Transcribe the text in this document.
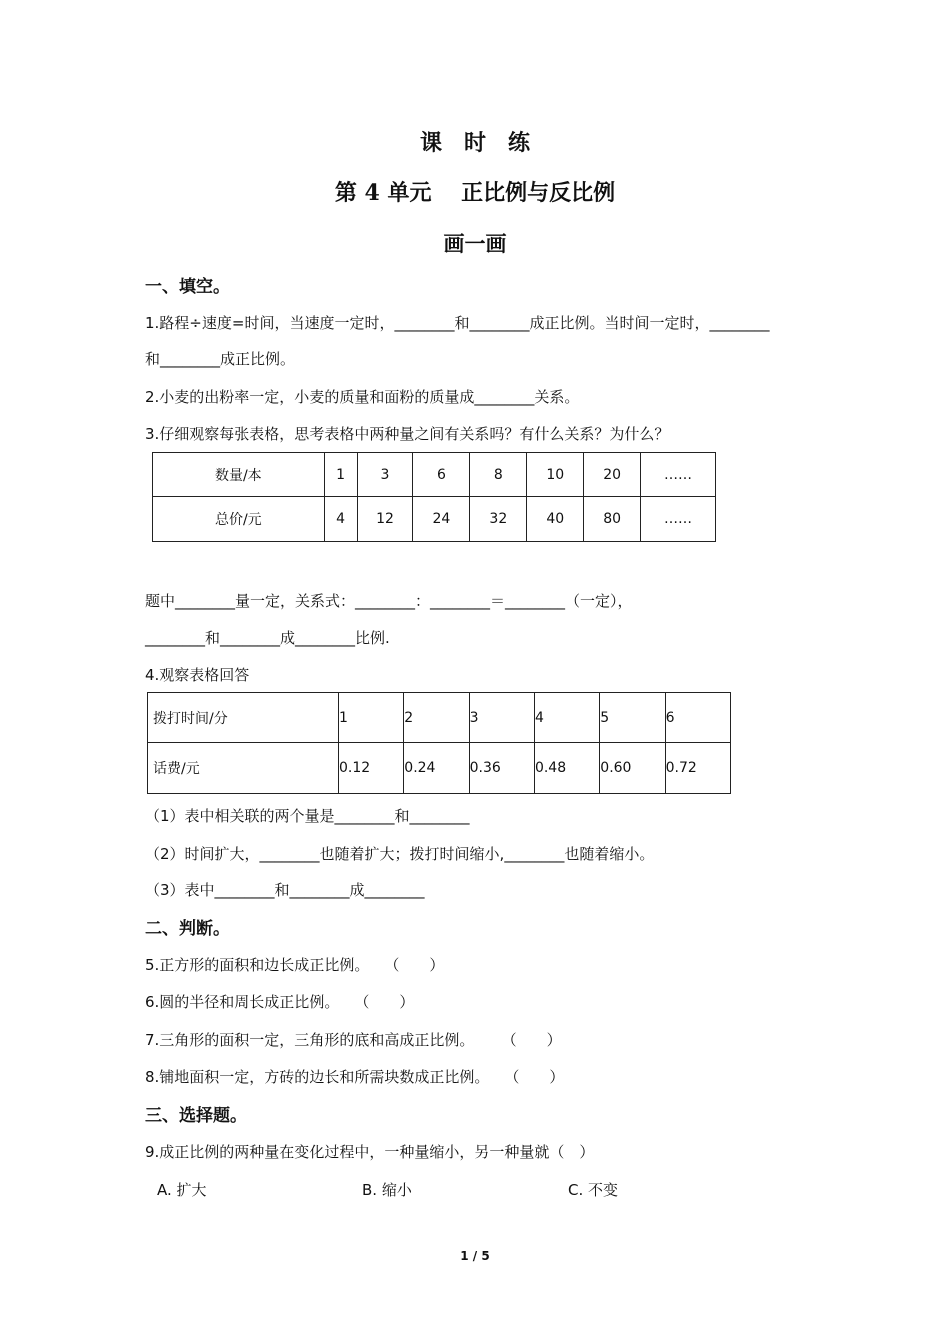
课　时　练
第 4 单元　 正比例与反比例
画一画
一、填空。
1.路程÷速度=时间，当速度一定时，________和________成正比例。当时间一定时，________
和________成正比例。
2.小麦的出粉率一定，小麦的质量和面粉的质量成________关系。
3.仔细观察每张表格，思考表格中两种量之间有关系吗？有什么关系？为什么？
数量/本	1	3	6	8	10	20	……
总价/元	4	12	24	32	40	80	……
题中________量一定，关系式：________：________＝________（一定），
________和________成________比例.
4.观察表格回答
拨打时间/分	1	2	3	4	5	6
话费/元	0.12	0.24	0.36	0.48	0.60	0.72
（1）表中相关联的两个量是________和________
（2）时间扩大，________也随着扩大；拨打时间缩小,________也随着缩小。
（3）表中________和________成________
二、判断。
5.正方形的面积和边长成正比例。　　（　　）
6.圆的半径和周长成正比例。　　（　　）
7.三角形的面积一定，三角形的底和高成正比例。　　 （　　）
8.铺地面积一定，方砖的边长和所需块数成正比例。　　（　　）
三、选择题。
9.成正比例的两种量在变化过程中，一种量缩小，另一种量就（　）
A. 扩大	B. 缩小	C. 不变
1 / 5
